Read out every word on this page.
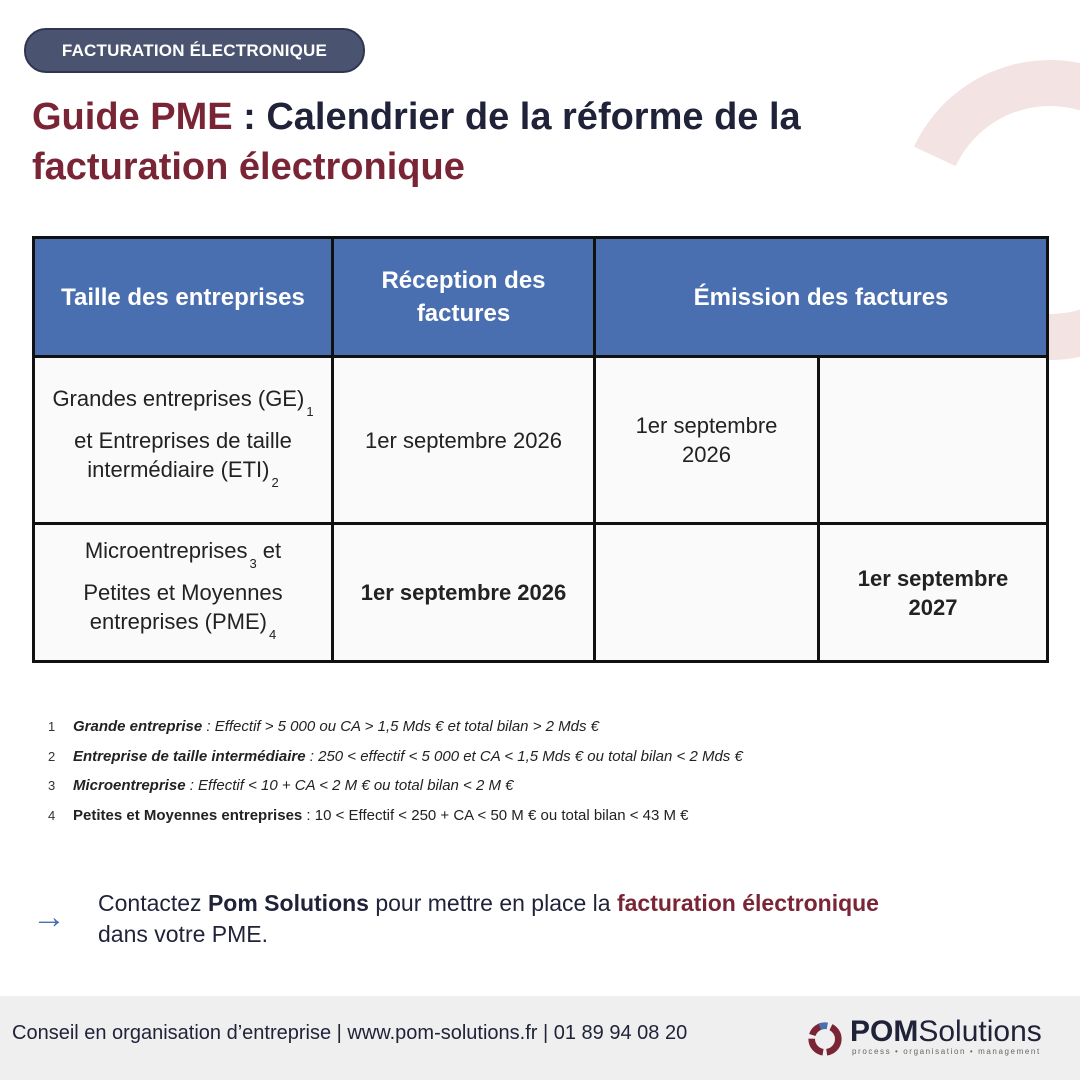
FACTURATION ÉLECTRONIQUE
Guide PME : Calendrier de la réforme de la facturation électronique
Taille des entreprises	Réception des factures	Émission des factures	
Grandes entreprises (GE)$^1$ et Entreprises de taille intermédiaire (ETI)$^2$	1er septembre 2026	1er septembre 2026	
Microentreprises$^3$ et Petites et Moyennes entreprises (PME)$^4$	1er septembre 2026		1er septembre 2027
1	Grande entreprise : Effectif > 5 000 ou CA > 1,5 Mds € et total bilan > 2 Mds €
2	Entreprise de taille intermédiaire : 250 < effectif < 5 000 et CA < 1,5 Mds € ou total bilan < 2 Mds €
3	Microentreprise : Effectif < 10 + CA < 2 M € ou total bilan < 2 M €
4	Petites et Moyennes entreprises : 10 < Effectif < 250 + CA < 50 M € ou total bilan < 43 M €
→	Contactez Pom Solutions pour mettre en place la facturation électronique
dans votre PME.

Conseil en organisation d’entreprise | www.pom-solutions.fr | 01 89 94 08 20	POMSolutions
process • organisation • management
